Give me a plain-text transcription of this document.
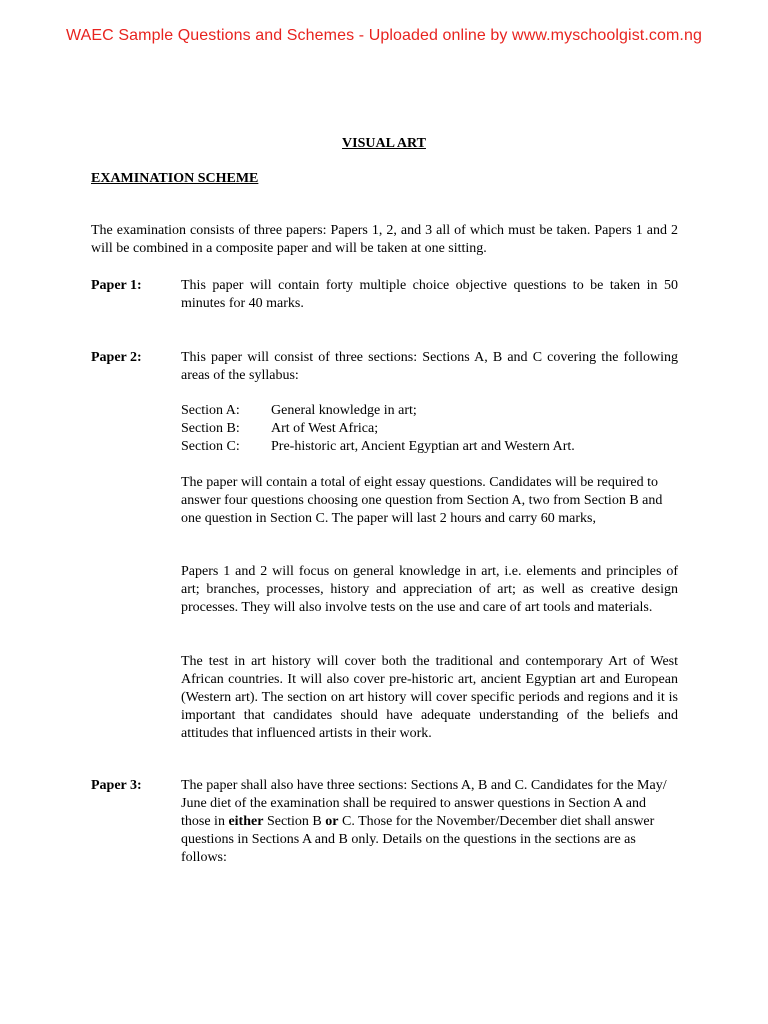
WAEC Sample Questions and Schemes - Uploaded online by www.myschoolgist.com.ng
VISUAL ART
EXAMINATION SCHEME
The examination consists of three papers: Papers 1, 2, and 3 all of which must be taken. Papers 1 and 2 will be combined in a composite paper and will be taken at one sitting.
Paper 1:	This paper will contain forty multiple choice objective questions to be taken in 50 minutes for 40 marks.
Paper 2:	This paper will consist of three sections: Sections A, B and C covering the following areas of the syllabus:
Section A:	General knowledge in art;
Section B:	Art of West Africa;
Section C:	Pre-historic art, Ancient Egyptian art and Western Art.
The paper will contain a total of eight essay questions. Candidates will be required to answer four questions choosing one question from Section A, two from Section B and one question in Section C. The paper will last 2 hours and carry 60 marks,
Papers 1 and 2 will focus on general knowledge in art, i.e. elements and principles of art; branches, processes, history and appreciation of art; as well as creative design processes. They will also involve tests on the use and care of art tools and materials.
The test in art history will cover both the traditional and contemporary Art of West African countries. It will also cover pre-historic art, ancient Egyptian art and European (Western art). The section on art history will cover specific periods and regions and it is important that candidates should have adequate understanding of the beliefs and attitudes that influenced artists in their work.
Paper 3:	The paper shall also have three sections: Sections A, B and C. Candidates for the May/ June diet of the examination shall be required to answer questions in Section A and those in either Section B or C. Those for the November/December diet shall answer questions in Sections A and B only. Details on the questions in the sections are as follows:
